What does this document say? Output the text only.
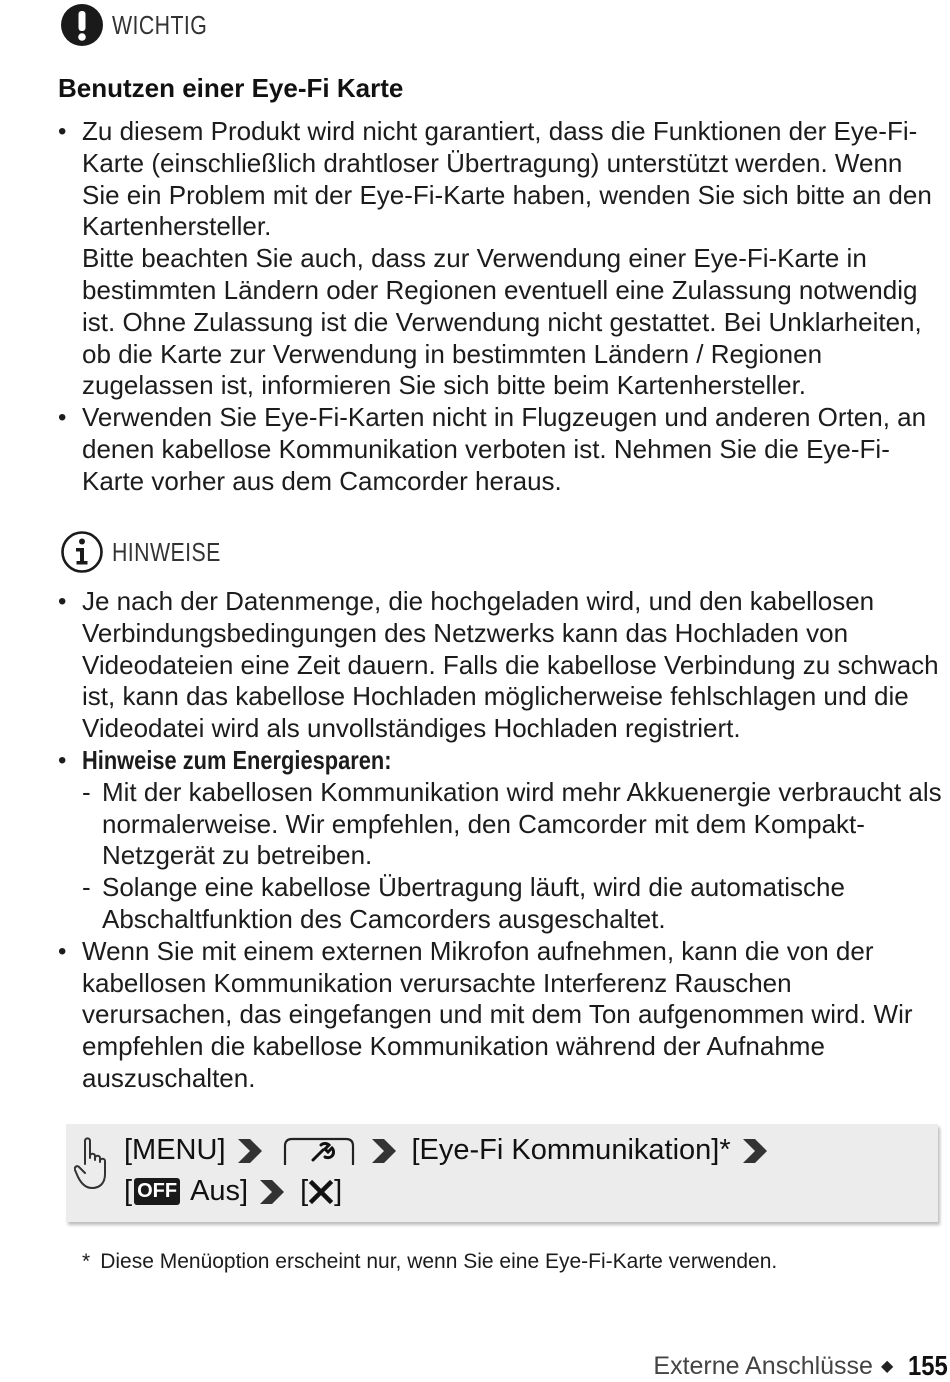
WICHTIG
Benutzen einer Eye-Fi Karte
• Zu diesem Produkt wird nicht garantiert, dass die Funktionen der Eye-Fi-Karte (einschließlich drahtloser Übertragung) unterstützt werden. Wenn Sie ein Problem mit der Eye-Fi-Karte haben, wenden Sie sich bitte an den Kartenhersteller.

Bitte beachten Sie auch, dass zur Verwendung einer Eye-Fi-Karte in bestimmten Ländern oder Regionen eventuell eine Zulassung notwendig ist. Ohne Zulassung ist die Verwendung nicht gestattet. Bei Unklarheiten, ob die Karte zur Verwendung in bestimmten Ländern / Regionen zugelassen ist, informieren Sie sich bitte beim Kartenhersteller.

• Verwenden Sie Eye-Fi-Karten nicht in Flugzeugen und anderen Orten, an denen kabellose Kommunikation verboten ist. Nehmen Sie die Eye-Fi-Karte vorher aus dem Camcorder heraus.

HINWEISE
• Je nach der Datenmenge, die hochgeladen wird, und den kabellosen Verbindungsbedingungen des Netzwerks kann das Hochladen von Videodateien eine Zeit dauern. Falls die kabellose Verbindung zu schwach ist, kann das kabellose Hochladen möglicherweise fehlschlagen und die Videodatei wird als unvollständiges Hochladen registriert.

• Hinweise zum Energiesparen:

- Mit der kabellosen Kommunikation wird mehr Akkuenergie verbraucht als normalerweise. Wir empfehlen, den Camcorder mit dem Kompakt-Netzgerät zu betreiben.

- Solange eine kabellose Übertragung läuft, wird die automatische Abschaltfunktion des Camcorders ausgeschaltet.

• Wenn Sie mit einem externen Mikrofon aufnehmen, kann die von der kabellosen Kommunikation verursachte Interferenz Rauschen verursachen, das eingefangen und mit dem Ton aufgenommen wird. Wir empfehlen die kabellose Kommunikation während der Aufnahme auszuschalten.

[MENU]	[Eye-Fi Kommunikation]*
[ OFF Aus] [ ]
* Diese Menüoption erscheint nur, wenn Sie eine Eye-Fi-Karte verwenden.
Externe Anschlüsse ◆ 155
